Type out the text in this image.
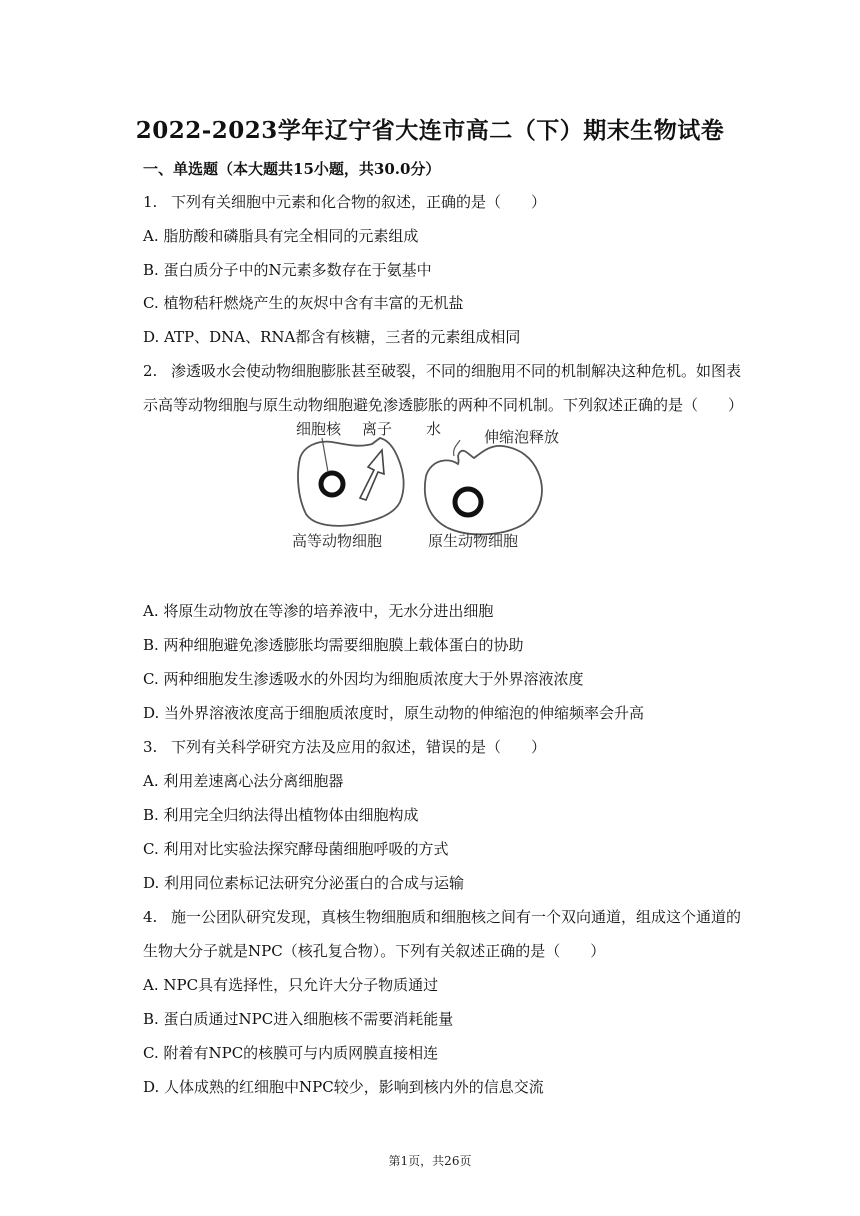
2022-2023学年辽宁省大连市高二（下）期末生物试卷
一、单选题（本大题共15小题，共30.0分）
1. 下列有关细胞中元素和化合物的叙述，正确的是（　　）
A. 脂肪酸和磷脂具有完全相同的元素组成
B. 蛋白质分子中的N元素多数存在于氨基中
C. 植物秸秆燃烧产生的灰烬中含有丰富的无机盐
D. ATP、DNA、RNA都含有核糖，三者的元素组成相同
2. 渗透吸水会使动物细胞膨胀甚至破裂，不同的细胞用不同的机制解决这种危机。如图表
示高等动物细胞与原生动物细胞避免渗透膨胀的两种不同机制。下列叙述正确的是（　　）
细胞核 离子 水	伸缩泡释放
高等动物细胞	原生动物细胞
A. 将原生动物放在等渗的培养液中，无水分进出细胞
B. 两种细胞避免渗透膨胀均需要细胞膜上载体蛋白的协助
C. 两种细胞发生渗透吸水的外因均为细胞质浓度大于外界溶液浓度
D. 当外界溶液浓度高于细胞质浓度时，原生动物的伸缩泡的伸缩频率会升高
3. 下列有关科学研究方法及应用的叙述，错误的是（　　）
A. 利用差速离心法分离细胞器
B. 利用完全归纳法得出植物体由细胞构成
C. 利用对比实验法探究酵母菌细胞呼吸的方式
D. 利用同位素标记法研究分泌蛋白的合成与运输
4. 施一公团队研究发现，真核生物细胞质和细胞核之间有一个双向通道，组成这个通道的
生物大分子就是NPC（核孔复合物）。下列有关叙述正确的是（　　）
A. NPC具有选择性，只允许大分子物质通过
B. 蛋白质通过NPC进入细胞核不需要消耗能量
C. 附着有NPC的核膜可与内质网膜直接相连
D. 人体成熟的红细胞中NPC较少，影响到核内外的信息交流
第1页，共26页
